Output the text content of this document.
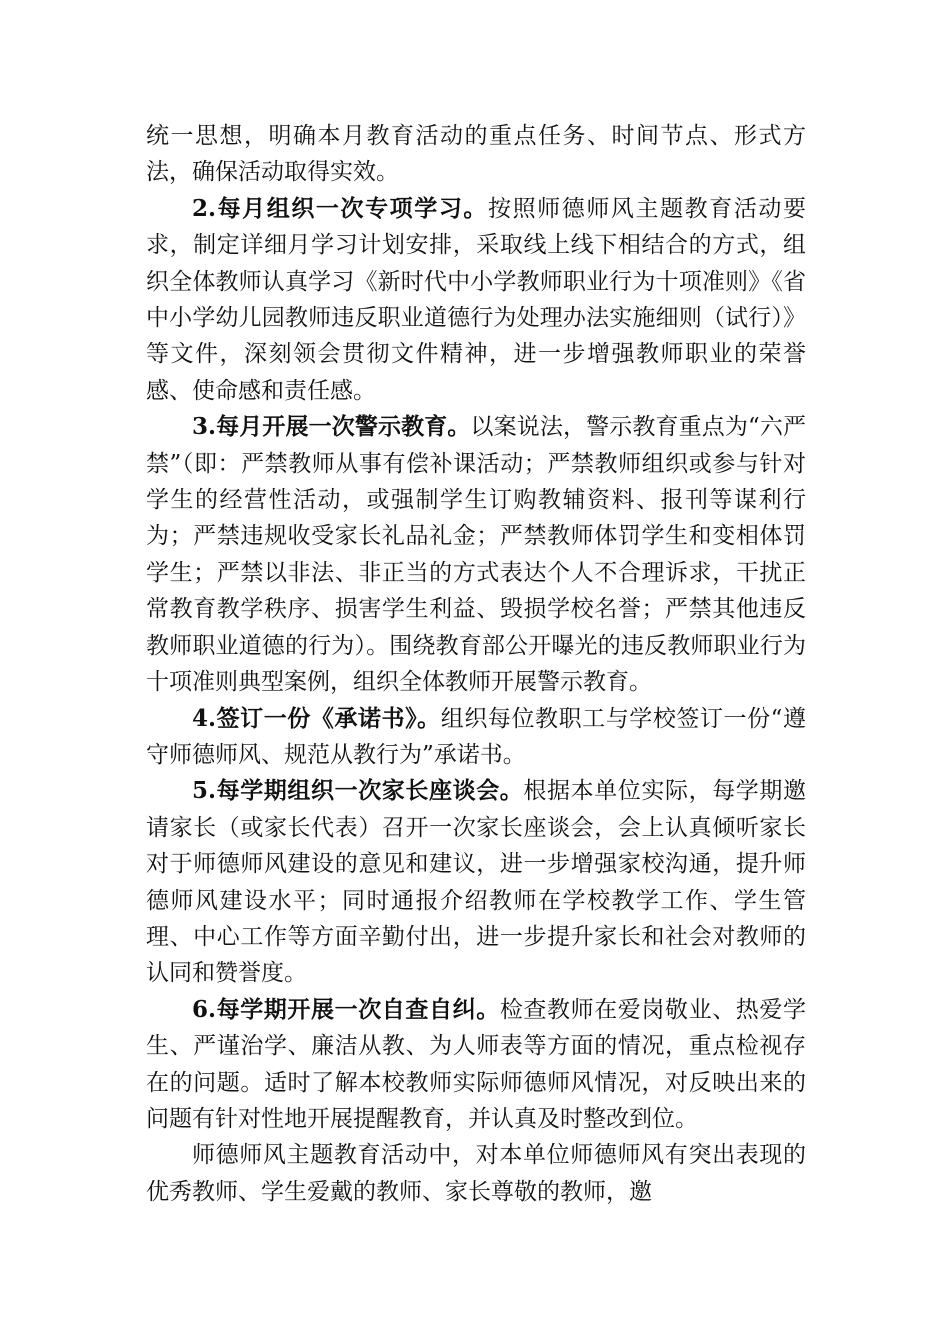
统一思想，明确本月教育活动的重点任务、时间节点、形式方法，确保活动取得实效。

2.每月组织一次专项学习。按照师德师风主题教育活动要求，制定详细月学习计划安排，采取线上线下相结合的方式，组织全体教师认真学习《新时代中小学教师职业行为十项准则》《省中小学幼儿园教师违反职业道德行为处理办法实施细则（试行）》等文件，深刻领会贯彻文件精神，进一步增强教师职业的荣誉感、使命感和责任感。

3.每月开展一次警示教育。以案说法，警示教育重点为“六严禁”（即：严禁教师从事有偿补课活动；严禁教师组织或参与针对学生的经营性活动，或强制学生订购教辅资料、报刊等谋利行为；严禁违规收受家长礼品礼金；严禁教师体罚学生和变相体罚学生；严禁以非法、非正当的方式表达个人不合理诉求，干扰正常教育教学秩序、损害学生利益、毁损学校名誉；严禁其他违反教师职业道德的行为）。围绕教育部公开曝光的违反教师职业行为十项准则典型案例，组织全体教师开展警示教育。

4.签订一份《承诺书》。组织每位教职工与学校签订一份“遵守师德师风、规范从教行为”承诺书。

5.每学期组织一次家长座谈会。根据本单位实际，每学期邀请家长（或家长代表）召开一次家长座谈会，会上认真倾听家长对于师德师风建设的意见和建议，进一步增强家校沟通，提升师德师风建设水平；同时通报介绍教师在学校教学工作、学生管理、中心工作等方面辛勤付出，进一步提升家长和社会对教师的认同和赞誉度。

6.每学期开展一次自查自纠。检查教师在爱岗敬业、热爱学生、严谨治学、廉洁从教、为人师表等方面的情况，重点检视存在的问题。适时了解本校教师实际师德师风情况，对反映出来的问题有针对性地开展提醒教育，并认真及时整改到位。

师德师风主题教育活动中，对本单位师德师风有突出表现的优秀教师、学生爱戴的教师、家长尊敬的教师，邀
